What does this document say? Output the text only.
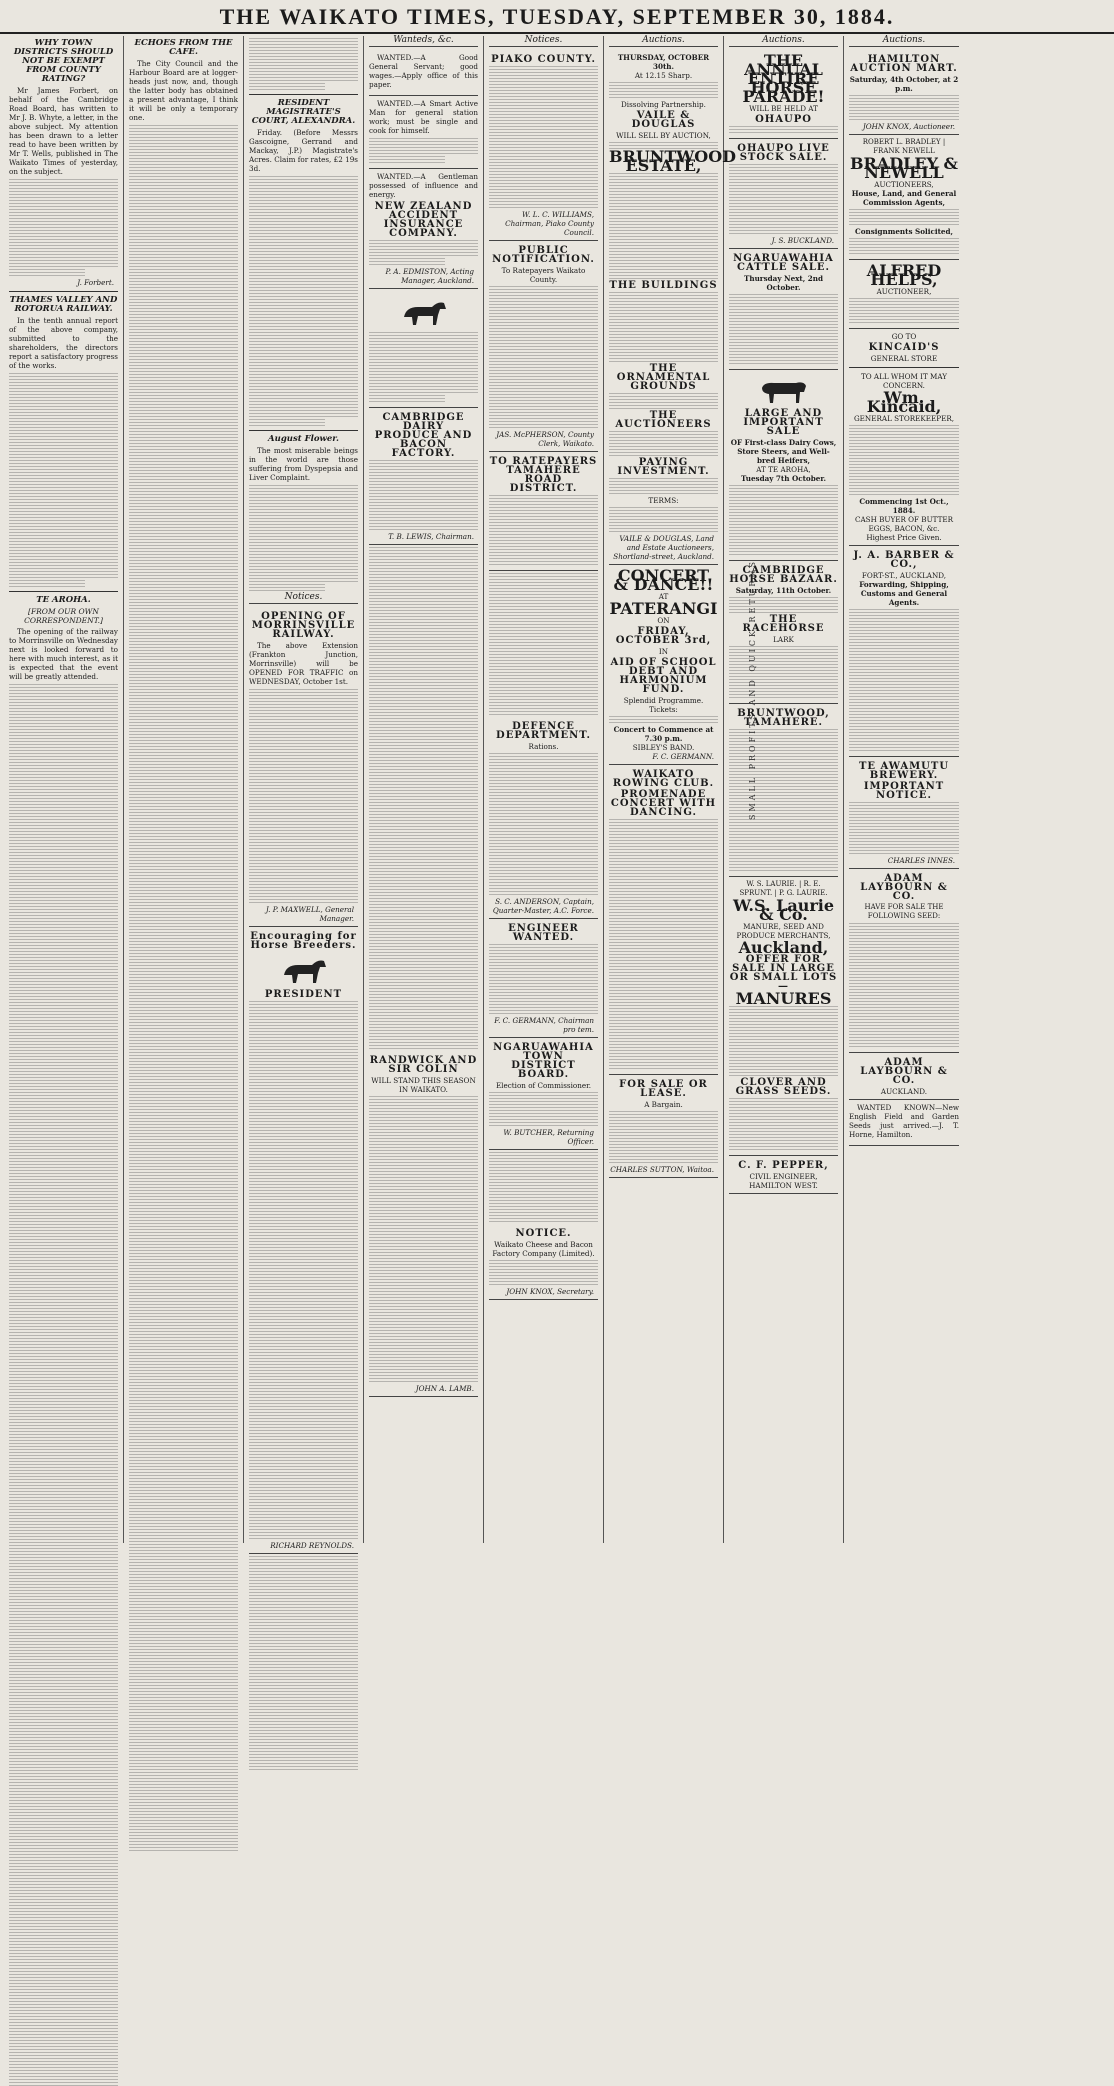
THE WAIKATO TIMES, TUESDAY, SEPTEMBER 30, 1884.
WHY TOWN DISTRICTS SHOULD NOT BE EXEMPT FROM COUNTY RATING?

Mr James Forbert, on behalf of the Cambridge Road Board, has written to Mr J. B. Whyte, a letter, in the above subject. My attention has been drawn to a letter read to have been written by Mr T. Wells, published in The Waikato Times of yesterday, on the subject.

J. Forbert.
THAMES VALLEY AND ROTORUA RAILWAY.

In the tenth annual report of the above company, submitted to the shareholders, the directors report a satisfactory progress of the works.

TE AROHA.
[FROM OUR OWN CORRESPONDENT.]

The opening of the railway to Morrinsville on Wednesday next is looked forward to here with much interest, as it is expected that the event will be greatly attended.

ECHOES FROM THE CAFE.

The City Council and the Harbour Board are at logger-heads just now, and, though the latter body has obtained a present advantage, I think it will be only a temporary one.

RESIDENT MAGISTRATE'S COURT, ALEXANDRA.

Friday. (Before Messrs Gascoigne, Gerrand and Mackay, J.P.) Magistrate's Acres. Claim for rates, £2 19s 3d.

August Flower.

The most miserable beings in the world are those suffering from Dyspepsia and Liver Complaint.

Notices.
OPENING OF MORRINSVILLE RAILWAY.

The above Extension (Frankton Junction, Morrinsville) will be OPENED FOR TRAFFIC on WEDNESDAY, October 1st.

J. P. MAXWELL, General Manager.
Encouraging for Horse Breeders.
PRESIDENT
RICHARD REYNOLDS.
Wanteds, &c.

WANTED.—A Good General Servant; good wages.—Apply office of this paper.

WANTED.—A Smart Active Man for general station work; must be single and cook for himself.

WANTED.—A Gentleman possessed of influence and energy.

NEW ZEALAND ACCIDENT INSURANCE COMPANY.
P. A. EDMISTON, Acting Manager, Auckland.
CAMBRIDGE DAIRY PRODUCE AND BACON FACTORY.
T. B. LEWIS, Chairman.
RANDWICK AND SIR COLIN
WILL STAND THIS SEASON IN WAIKATO.
JOHN A. LAMB.
Notices.
PIAKO COUNTY.
W. L. C. WILLIAMS, Chairman, Piako County Council.
PUBLIC NOTIFICATION.
To Ratepayers Waikato County.
JAS. McPHERSON, County Clerk, Waikato.
TO RATEPAYERS TAMAHERE ROAD DISTRICT.
DEFENCE DEPARTMENT.
Rations.
S. C. ANDERSON, Captain, Quarter-Master, A.C. Force.
ENGINEER WANTED.
F. C. GERMANN, Chairman pro tem.
NGARUAWAHIA TOWN DISTRICT BOARD.
Election of Commissioner.
W. BUTCHER, Returning Officer.
NOTICE.
Waikato Cheese and Bacon Factory Company (Limited).
JOHN KNOX, Secretary.
Auctions.
THURSDAY, OCTOBER 30th.
At 12.15 Sharp.
Dissolving Partnership.
VAILE & DOUGLAS
WILL SELL BY AUCTION,
BRUNTWOOD ESTATE,
THE BUILDINGS
THE ORNAMENTAL GROUNDS
THE AUCTIONEERS
PAYING INVESTMENT.
TERMS:
VAILE & DOUGLAS, Land and Estate Auctioneers, Shortland-street, Auckland.
CONCERT & DANCE!!
AT
PATERANGI
ON
FRIDAY, OCTOBER 3rd,
IN
AID OF SCHOOL DEBT AND HARMONIUM FUND.
Splendid Programme.
Tickets:
Concert to Commence at 7.30 p.m.
SIBLEY'S BAND.
F. C. GERMANN.
WAIKATO ROWING CLUB.
PROMENADE CONCERT WITH DANCING.
FOR SALE OR LEASE.
A Bargain.
CHARLES SUTTON, Waitoa.
Auctions.
THE ANNUAL ENTIRE HORSE PARADE!
WILL BE HELD AT
OHAUPO
OHAUPO LIVE STOCK SALE.
J. S. BUCKLAND.
NGARUAWAHIA CATTLE SALE.
Thursday Next, 2nd October.
LARGE AND IMPORTANT SALE
OF First-class Dairy Cows, Store Steers, and Well-bred Heifers,
AT TE AROHA,
Tuesday 7th October.
CAMBRIDGE HORSE BAZAAR.
Saturday, 11th October.
THE RACEHORSE
LARK
BRUNTWOOD, TAMAHERE.
W. S. LAURIE. | R. E. SPRUNT. | P. G. LAURIE.
W.S. Laurie & Co.
MANURE, SEED AND PRODUCE MERCHANTS,
Auckland,
OFFER FOR SALE IN LARGE OR SMALL LOTS—
MANURES
CLOVER AND GRASS SEEDS.
C. F. PEPPER,
CIVIL ENGINEER, HAMILTON WEST.
Auctions.
HAMILTON AUCTION MART.
Saturday, 4th October, at 2 p.m.
JOHN KNOX, Auctioneer.
ROBERT L. BRADLEY | FRANK NEWELL
BRADLEY & NEWELL
AUCTIONEERS,
House, Land, and General Commission Agents,
Consignments Solicited,
ALFRED HELPS,
AUCTIONEER,
GO TO
KINCAID'S
GENERAL STORE
TO ALL WHOM IT MAY CONCERN.
Wm. Kincaid,
GENERAL STOREKEEPER,
Commencing 1st Oct., 1884.
CASH BUYER OF BUTTER EGGS, BACON, &c.
Highest Price Given.
J. A. BARBER & CO.,
FORT-ST., AUCKLAND,
Forwarding, Shipping, Customs and General Agents.
TE AWAMUTU BREWERY.
IMPORTANT NOTICE.
CHARLES INNES.
ADAM LAYBOURN & CO.
HAVE FOR SALE THE FOLLOWING SEED:
ADAM LAYBOURN & CO.
AUCKLAND.

WANTED KNOWN—New English Field and Garden Seeds just arrived.—J. T. Horne, Hamilton.

SMALL PROFITS AND QUICK RETURNS
